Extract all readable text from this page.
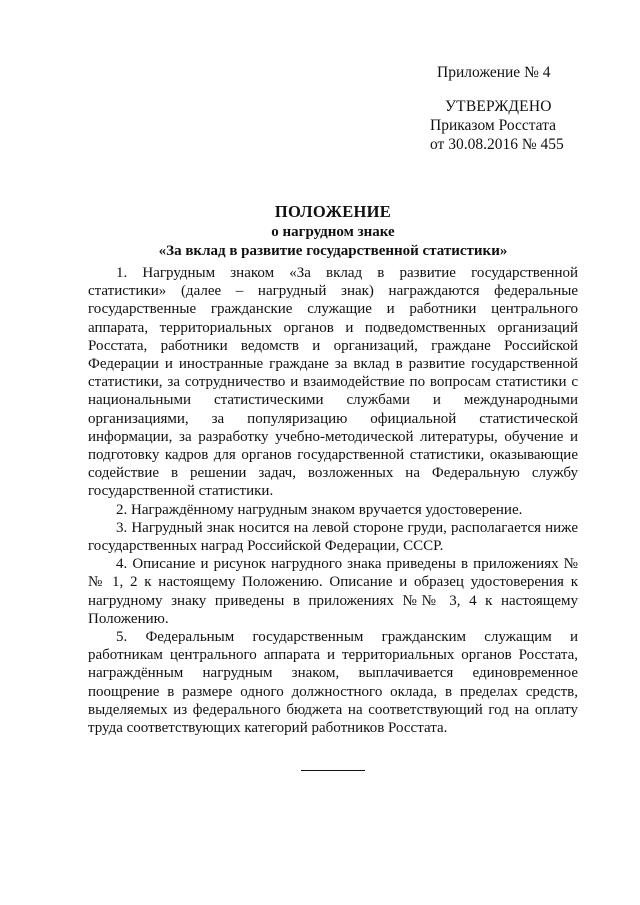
Приложение № 4
УТВЕРЖДЕНО
Приказом Росстата
от 30.08.2016 № 455
ПОЛОЖЕНИЕ
о нагрудном знаке
«За вклад в развитие государственной статистики»

1. Нагрудным знаком «За вклад в развитие государственной статистики» (далее – нагрудный знак) награждаются федеральные государственные гражданские служащие и работники центрального аппарата, территориальных органов и подведомственных организаций Росстата, работники ведомств и организаций, граждане Российской Федерации и иностранные граждане за вклад в развитие государственной статистики, за сотрудничество и взаимодействие по вопросам статистики с национальными статистическими службами и международными организациями, за популяризацию официальной статистической информации, за разработку учебно-методической литературы, обучение и подготовку кадров для органов государственной статистики, оказывающие содействие в решении задач, возложенных на Федеральную службу государственной статистики.

2. Награждённому нагрудным знаком вручается удостоверение.

3. Нагрудный знак носится на левой стороне груди, располагается ниже государственных наград Российской Федерации, СССР.

4. Описание и рисунок нагрудного знака приведены в приложениях №№ 1, 2 к настоящему Положению. Описание и образец удостоверения к нагрудному знаку приведены в приложениях №№ 3, 4 к настоящему Положению.

5. Федеральным государственным гражданским служащим и работникам центрального аппарата и территориальных органов Росстата, награждённым нагрудным знаком, выплачивается единовременное поощрение в размере одного должностного оклада, в пределах средств, выделяемых из федерального бюджета на соответствующий год на оплату труда соответствующих категорий работников Росстата.
